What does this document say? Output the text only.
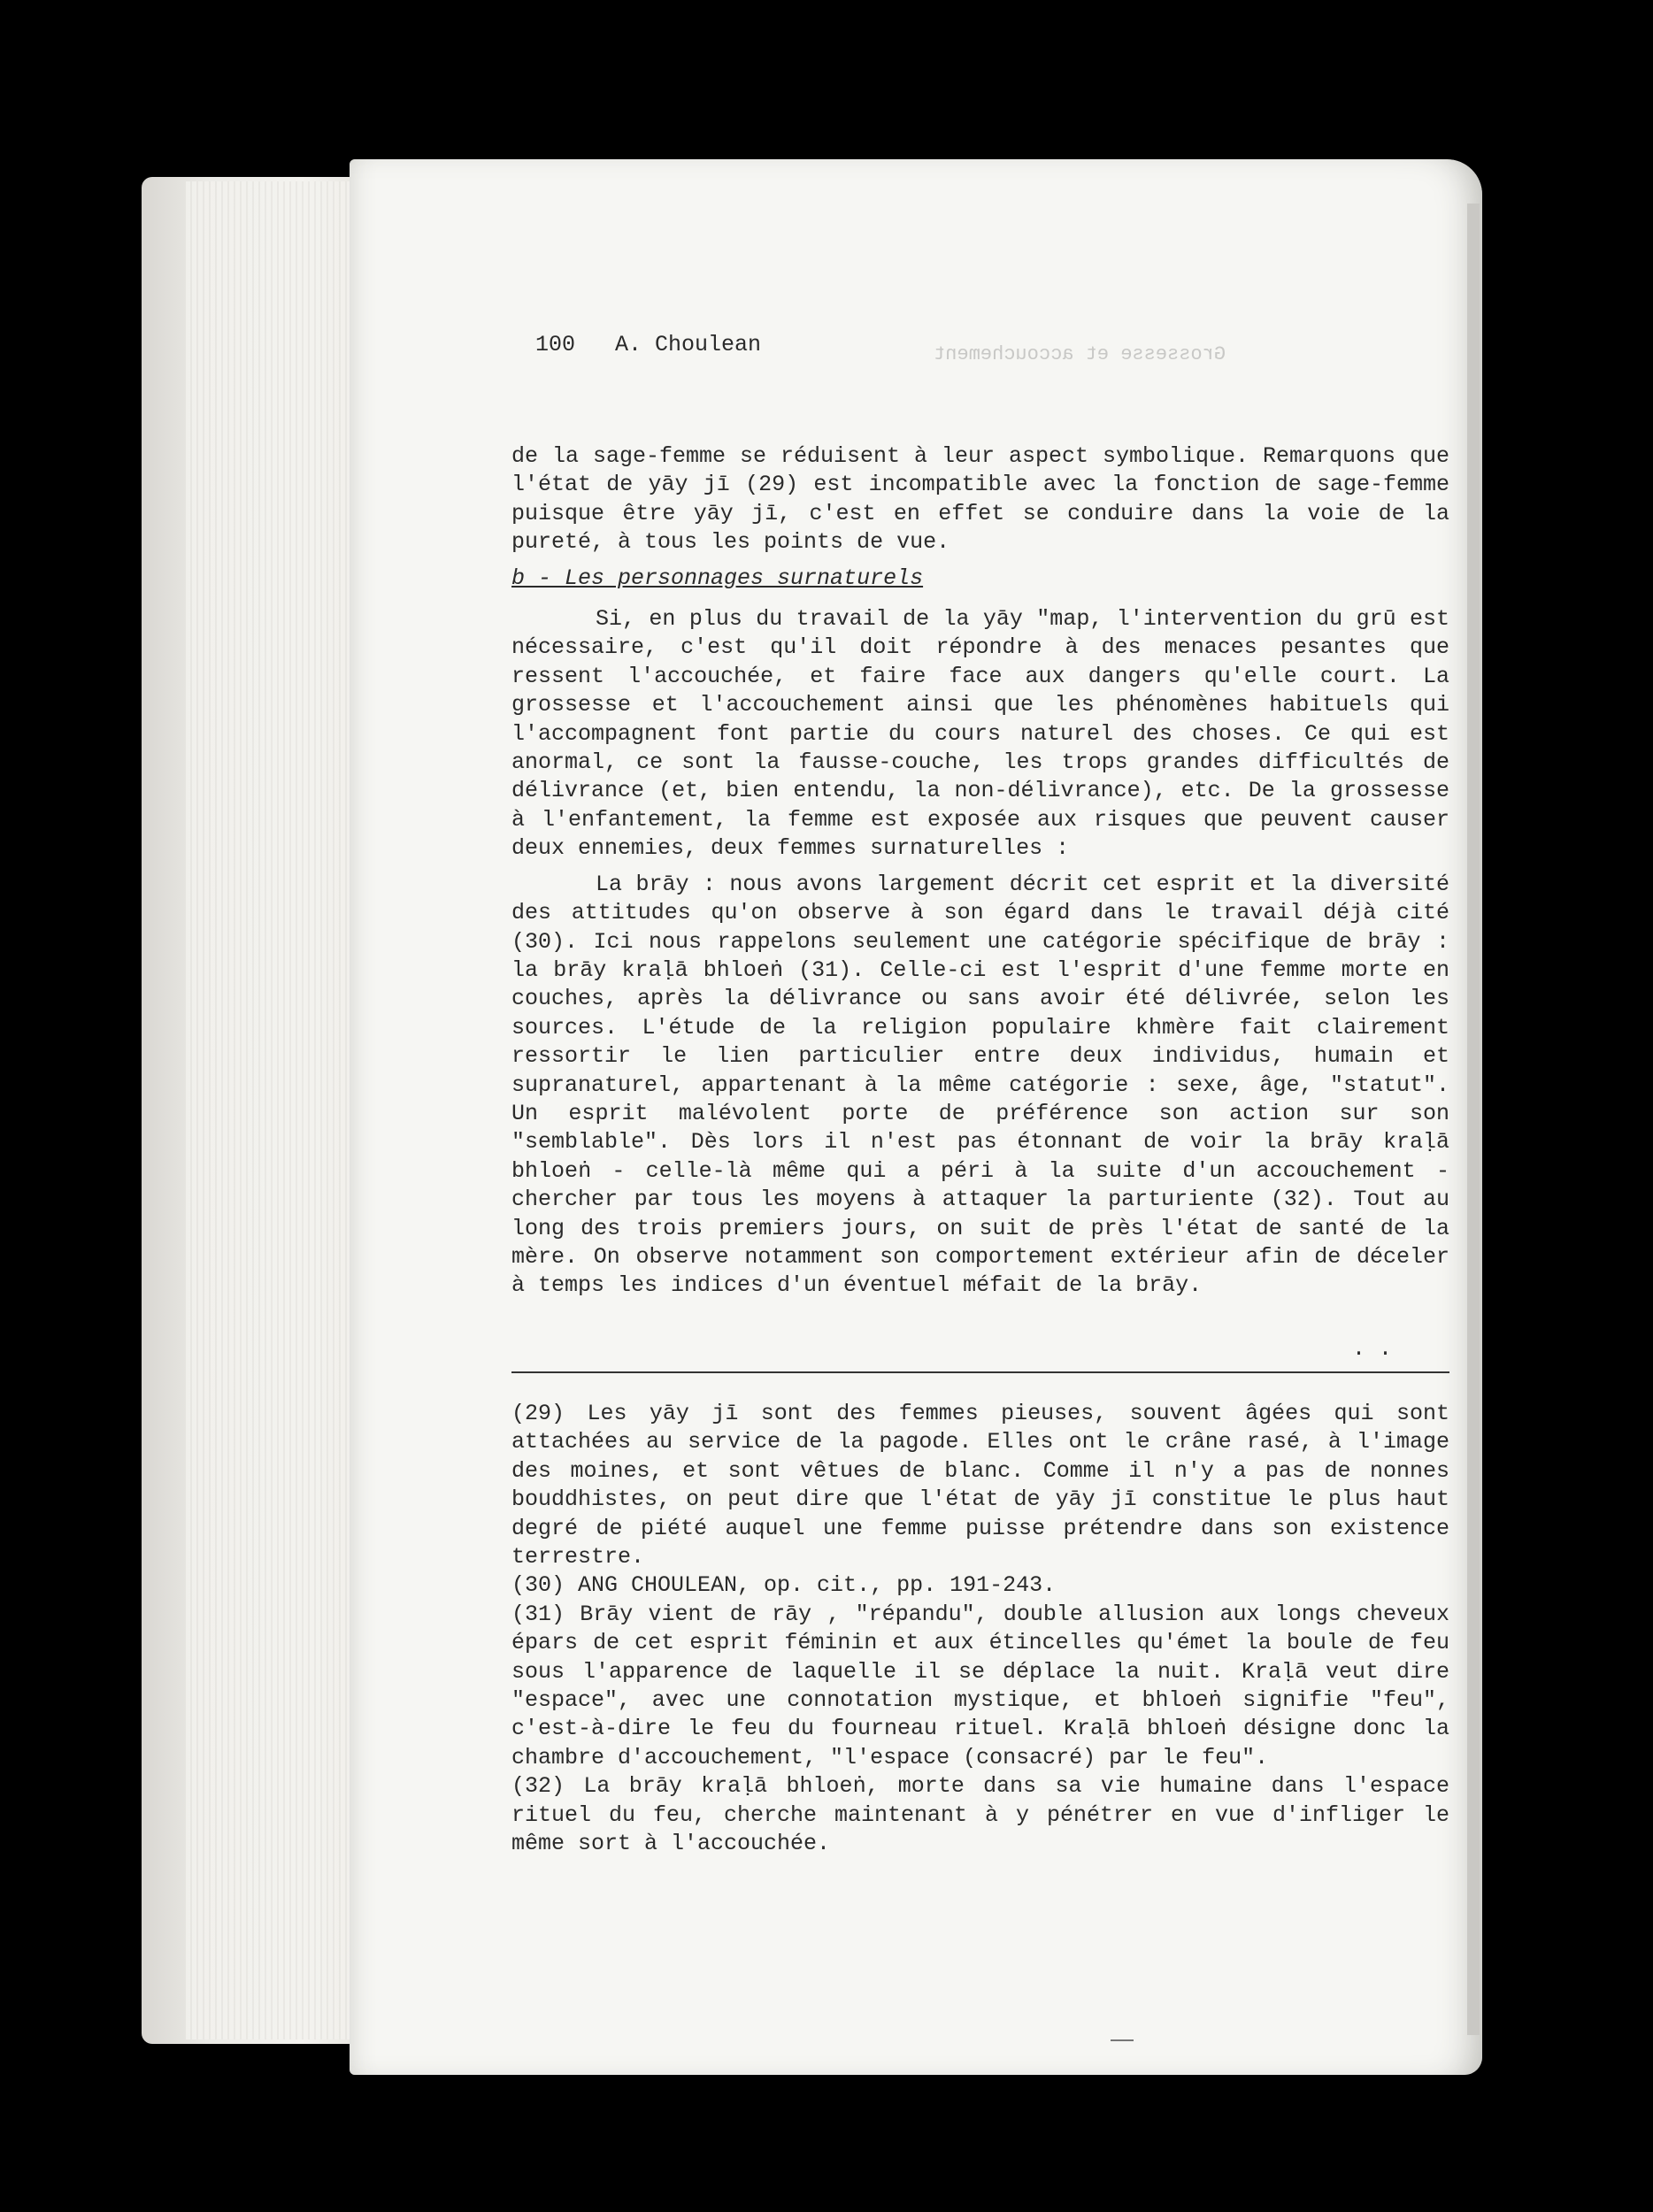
Grossesse et accouchement
100 A. Choulean

de la sage-femme se réduisent à leur aspect symbolique. Remarquons que l'état de yāy jī (29) est incompatible avec la fonction de sage-femme puisque être yāy jī, c'est en effet se conduire dans la voie de la pureté, à tous les points de vue.

b - Les personnages surnaturels

Si, en plus du travail de la yāy "map, l'intervention du grū est nécessaire, c'est qu'il doit répondre à des menaces pesantes que ressent l'accouchée, et faire face aux dangers qu'elle court. La grossesse et l'accouchement ainsi que les phénomènes habituels qui l'accompagnent font partie du cours naturel des choses. Ce qui est anormal, ce sont la fausse-couche, les trops grandes difficultés de délivrance (et, bien entendu, la non-délivrance), etc. De la grossesse à l'enfantement, la femme est exposée aux risques que peuvent causer deux ennemies, deux femmes surnaturelles :

La brāy : nous avons largement décrit cet esprit et la diversité des attitudes qu'on observe à son égard dans le travail déjà cité (30). Ici nous rappelons seulement une catégorie spécifique de brāy : la brāy kraḷā bhloeṅ (31). Celle-ci est l'esprit d'une femme morte en couches, après la délivrance ou sans avoir été délivrée, selon les sources. L'étude de la religion populaire khmère fait clairement ressortir le lien particulier entre deux individus, humain et supranaturel, appartenant à la même catégorie : sexe, âge, "statut". Un esprit malévolent porte de préférence son action sur son "semblable". Dès lors il n'est pas étonnant de voir la brāy kraḷā bhloeṅ - celle-là même qui a péri à la suite d'un accouchement - chercher par tous les moyens à attaquer la parturiente (32). Tout au long des trois premiers jours, on suit de près l'état de santé de la mère. On observe notamment son comportement extérieur afin de déceler à temps les indices d'un éventuel méfait de la brāy.

. .

(29) Les yāy jī sont des femmes pieuses, souvent âgées qui sont attachées au service de la pagode. Elles ont le crâne rasé, à l'image des moines, et sont vêtues de blanc. Comme il n'y a pas de nonnes bouddhistes, on peut dire que l'état de yāy jī constitue le plus haut degré de piété auquel une femme puisse prétendre dans son existence terrestre.

(30) ANG CHOULEAN, op. cit., pp. 191-243.

(31) Brāy vient de rāy , "répandu", double allusion aux longs cheveux épars de cet esprit féminin et aux étincelles qu'émet la boule de feu sous l'apparence de laquelle il se déplace la nuit. Kraḷā veut dire "espace", avec une connotation mystique, et bhloeṅ signifie "feu", c'est-à-dire le feu du fourneau rituel. Kraḷā bhloeṅ désigne donc la chambre d'accouchement, "l'espace (consacré) par le feu".

(32) La brāy kraḷā bhloeṅ, morte dans sa vie humaine dans l'espace rituel du feu, cherche maintenant à y pénétrer en vue d'infliger le même sort à l'accouchée.
